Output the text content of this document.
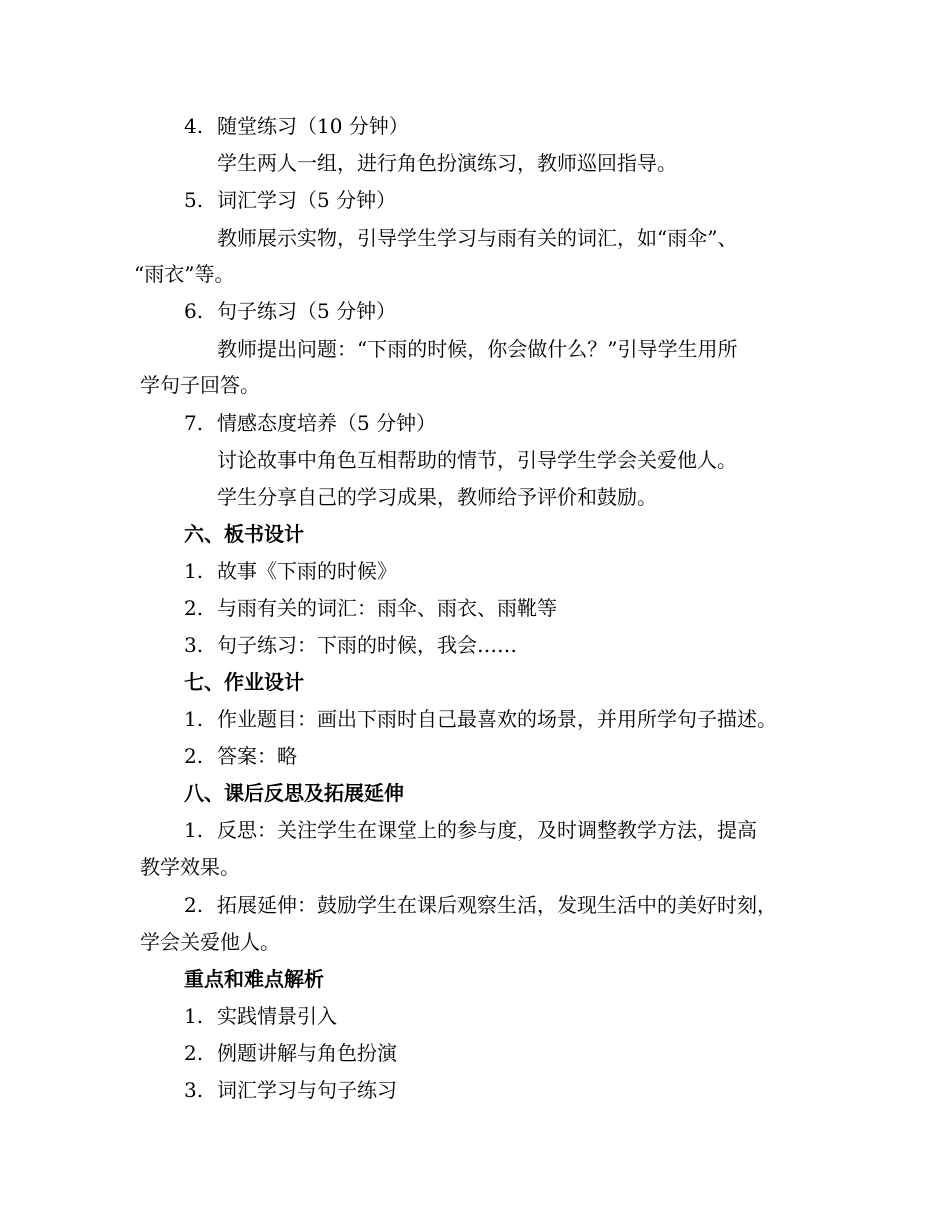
4. 随堂练习（10 分钟）
学生两人一组，进行角色扮演练习，教师巡回指导。
5. 词汇学习（5 分钟）
教师展示实物，引导学生学习与雨有关的词汇，如“雨伞”、
“雨衣”等。
6. 句子练习（5 分钟）
教师提出问题：“下雨的时候，你会做什么？”引导学生用所
学句子回答。
7. 情感态度培养（5 分钟）
讨论故事中角色互相帮助的情节，引导学生学会关爱他人。
学生分享自己的学习成果，教师给予评价和鼓励。
六、板书设计
1. 故事《下雨的时候》
2. 与雨有关的词汇：雨伞、雨衣、雨靴等
3. 句子练习：下雨的时候，我会……
七、作业设计
1. 作业题目：画出下雨时自己最喜欢的场景，并用所学句子描述。
2. 答案：略
八、课后反思及拓展延伸
1. 反思：关注学生在课堂上的参与度，及时调整教学方法，提高
教学效果。
2. 拓展延伸：鼓励学生在课后观察生活，发现生活中的美好时刻，
学会关爱他人。
重点和难点解析
1. 实践情景引入
2. 例题讲解与角色扮演
3. 词汇学习与句子练习
